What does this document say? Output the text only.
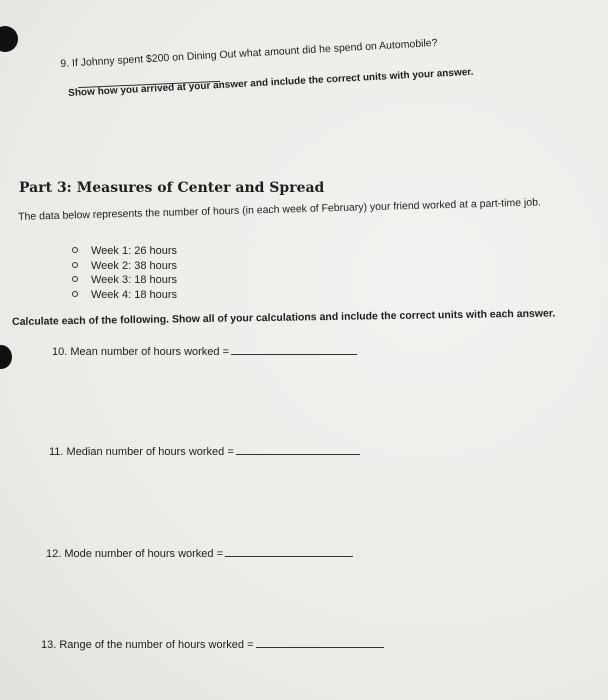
9. If Johnny spent $200 on Dining Out what amount did he spend on Automobile?
Show how you arrived at your answer and include the correct units with your answer.
Part 3: Measures of Center and Spread
The data below represents the number of hours (in each week of February) your friend worked at a part-time job.
Week 1: 26 hours
Week 2: 38 hours
Week 3: 18 hours
Week 4: 18 hours
Calculate each of the following. Show all of your calculations and include the correct units with each answer.
10. Mean number of hours worked =
11. Median number of hours worked =
12. Mode number of hours worked =
13. Range of the number of hours worked =
